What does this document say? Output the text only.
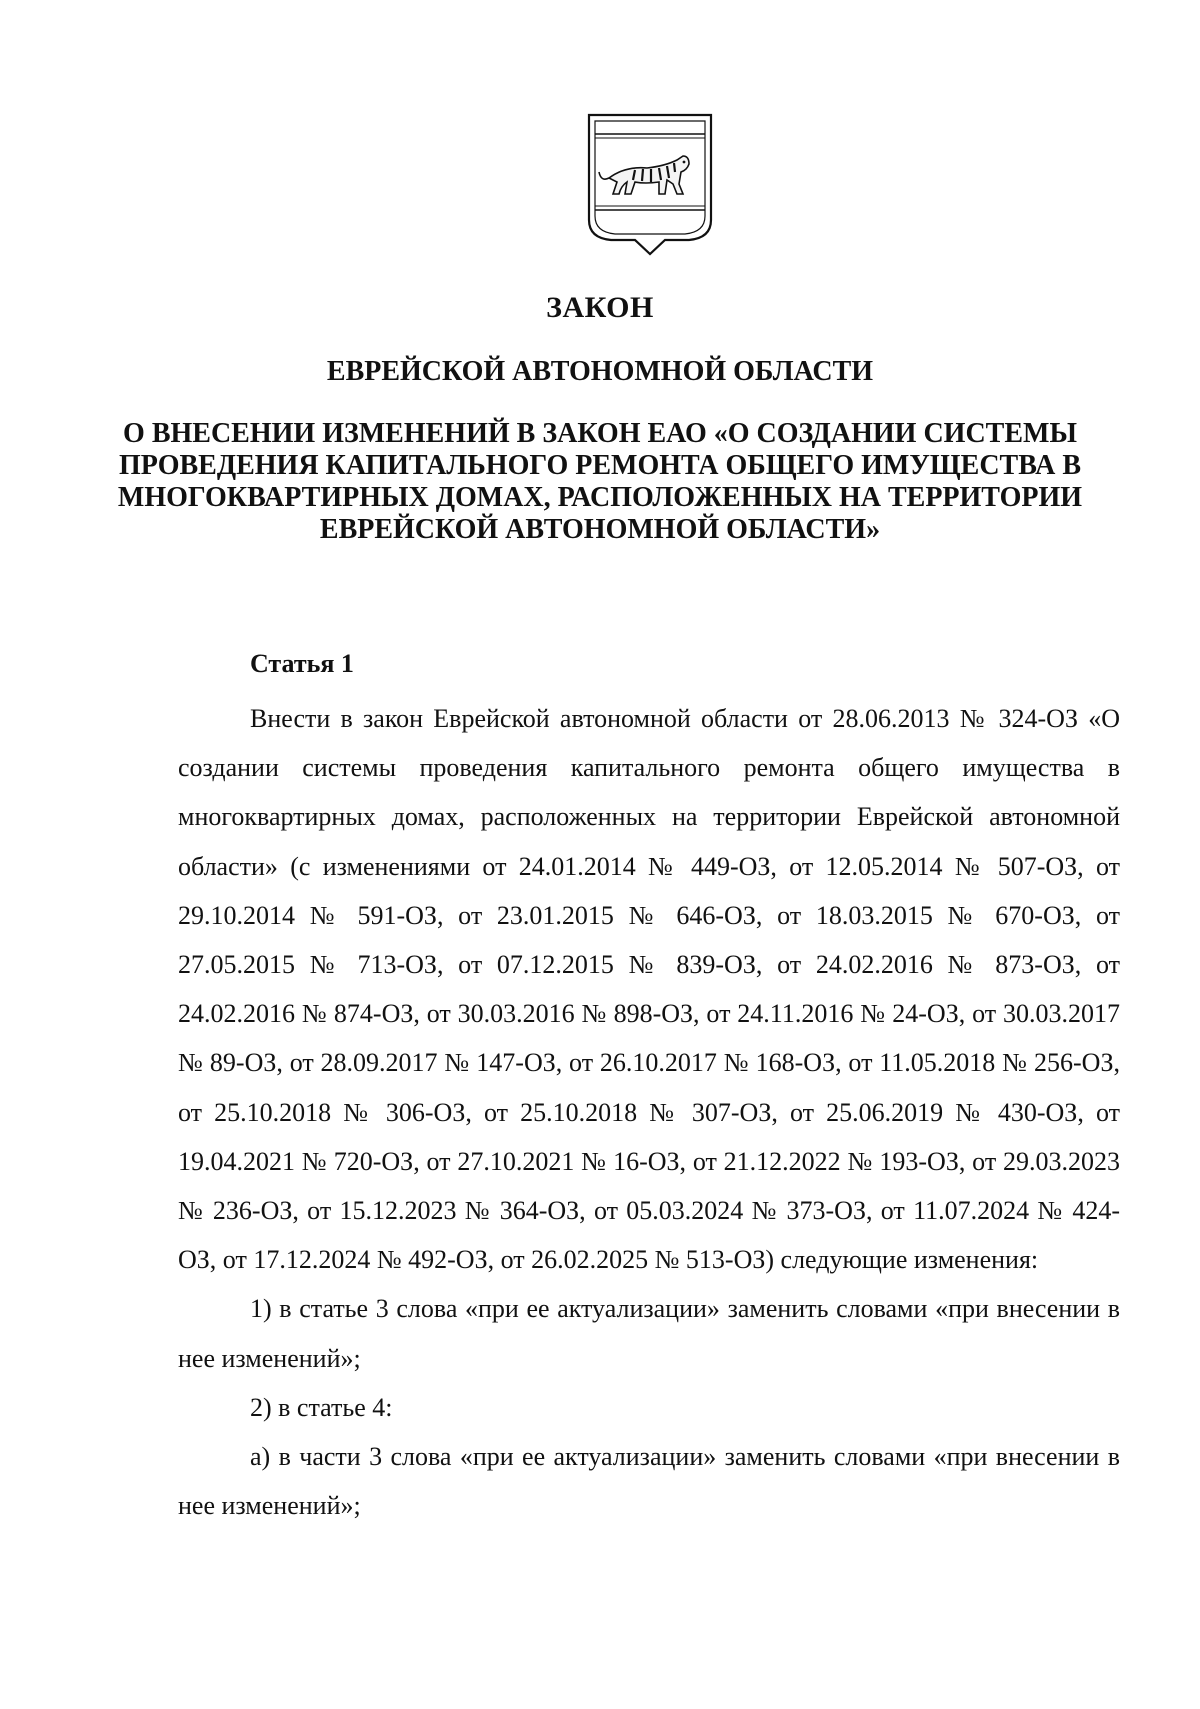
ЗАКОН
ЕВРЕЙСКОЙ АВТОНОМНОЙ ОБЛАСТИ
О ВНЕСЕНИИ ИЗМЕНЕНИЙ В ЗАКОН ЕАО «О СОЗДАНИИ СИСТЕМЫ ПРОВЕДЕНИЯ КАПИТАЛЬНОГО РЕМОНТА ОБЩЕГО ИМУЩЕСТВА В МНОГОКВАРТИРНЫХ ДОМАХ, РАСПОЛОЖЕННЫХ НА ТЕРРИТОРИИ ЕВРЕЙСКОЙ АВТОНОМНОЙ ОБЛАСТИ»
Статья 1

Внести в закон Еврейской автономной области от 28.06.2013 № 324-ОЗ «О создании системы проведения капитального ремонта общего имущества в многоквартирных домах, расположенных на территории Еврейской автономной области» (с изменениями от 24.01.2014 № 449-ОЗ, от 12.05.2014 № 507-ОЗ, от 29.10.2014 № 591-ОЗ, от 23.01.2015 № 646-ОЗ, от 18.03.2015 № 670-ОЗ, от 27.05.2015 № 713-ОЗ, от 07.12.2015 № 839-ОЗ, от 24.02.2016 № 873-ОЗ, от 24.02.2016 № 874-ОЗ, от 30.03.2016 № 898-ОЗ, от 24.11.2016 № 24-ОЗ, от 30.03.2017 № 89-ОЗ, от 28.09.2017 № 147-ОЗ, от 26.10.2017 № 168-ОЗ, от 11.05.2018 № 256-ОЗ, от 25.10.2018 № 306-ОЗ, от 25.10.2018 № 307-ОЗ, от 25.06.2019 № 430-ОЗ, от 19.04.2021 № 720-ОЗ, от 27.10.2021 № 16-ОЗ, от 21.12.2022 № 193-ОЗ, от 29.03.2023 № 236-ОЗ, от 15.12.2023 № 364-ОЗ, от 05.03.2024 № 373-ОЗ, от 11.07.2024 № 424-ОЗ, от 17.12.2024 № 492-ОЗ, от 26.02.2025 № 513-ОЗ) следующие изменения:

1) в статье 3 слова «при ее актуализации» заменить словами «при внесении в нее изменений»;

2) в статье 4:

а) в части 3 слова «при ее актуализации» заменить словами «при внесении в нее изменений»;
